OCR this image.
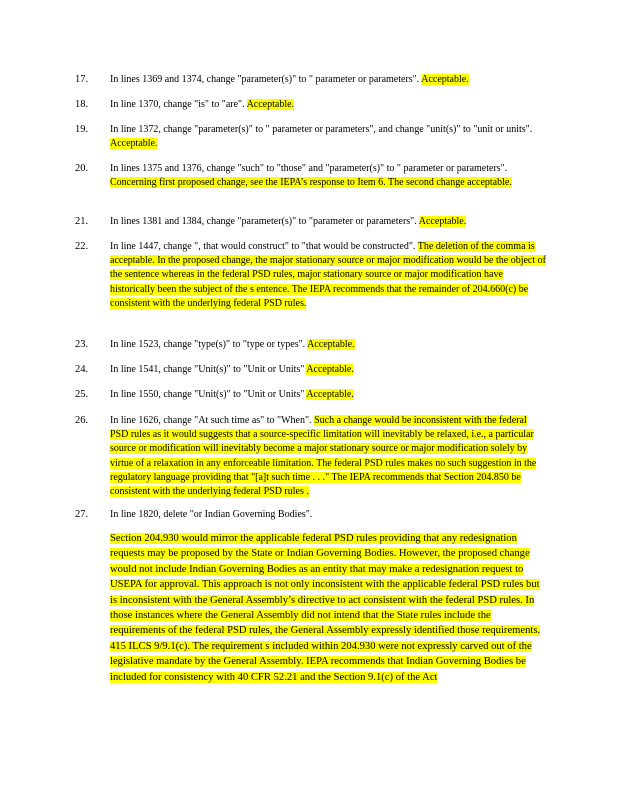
17. In lines 1369 and 1374, change "parameter(s)" to " parameter or parameters". Acceptable.
18. In line 1370, change "is" to "are". Acceptable.
19. In line 1372, change "parameter(s)" to " parameter or parameters", and change "unit(s)" to "unit or units". Acceptable.
20. In lines 1375 and 1376, change "such" to "those" and "parameter(s)" to " parameter or parameters". Concerning first proposed change, see the IEPA’s response to Item 6. The second change acceptable.
21. In lines 1381 and 1384, change "parameter(s)" to "parameter or parameters". Acceptable.
22. In line 1447, change ", that would construct" to "that would be constructed". The deletion of the comma is acceptable. In the proposed change, the major stationary source or major modification would be the object of the sentence whereas in the federal PSD rules, major stationary source or major modification have historically been the subject of the s entence. The IEPA recommends that the remainder of 204.660(c) be consistent with the underlying federal PSD rules.
23. In line 1523, change "type(s)" to "type or types". Acceptable.
24. In line 1541, change "Unit(s)" to "Unit or Units" Acceptable.
25. In line 1550, change "Unit(s)" to "Unit or Units" Acceptable.
26. In line 1626, change "At such time as" to "When". Such a change would be inconsistent with the federal PSD rules as it would suggests that a source-specific limitation will inevitably be relaxed, i.e., a particular source or modification will inevitably become a major stationary source or major modification solely by virtue of a relaxation in any enforceable limitation. The federal PSD rules makes no such suggestion in the regulatory language providing that "[a]t such time . . ." The IEPA recommends that Section 204.850 be consistent with the underlying federal PSD rules .
27. In line 1820, delete "or Indian Governing Bodies".
Section 204.930 would mirror the applicable federal PSD rules providing that any redesignation requests may be proposed by the State or Indian Governing Bodies. However, the proposed change would not include Indian Governing Bodies as an entity that may make a redesignation request to USEPA for approval. This approach is not only inconsistent with the applicable federal PSD rules but is inconsistent with the General Assembly’s directive to act consistent with the federal PSD rules. In those instances where the General Assembly did not intend that the State rules include the requirements of the federal PSD rules, the General Assembly expressly identified those requirements. 415 ILCS 9/9.1(c). The requirement s included within 204.930 were not expressly carved out of the legislative mandate by the General Assembly. IEPA recommends that Indian Governing Bodies be included for consistency with 40 CFR 52.21 and the Section 9.1(c) of the Act
